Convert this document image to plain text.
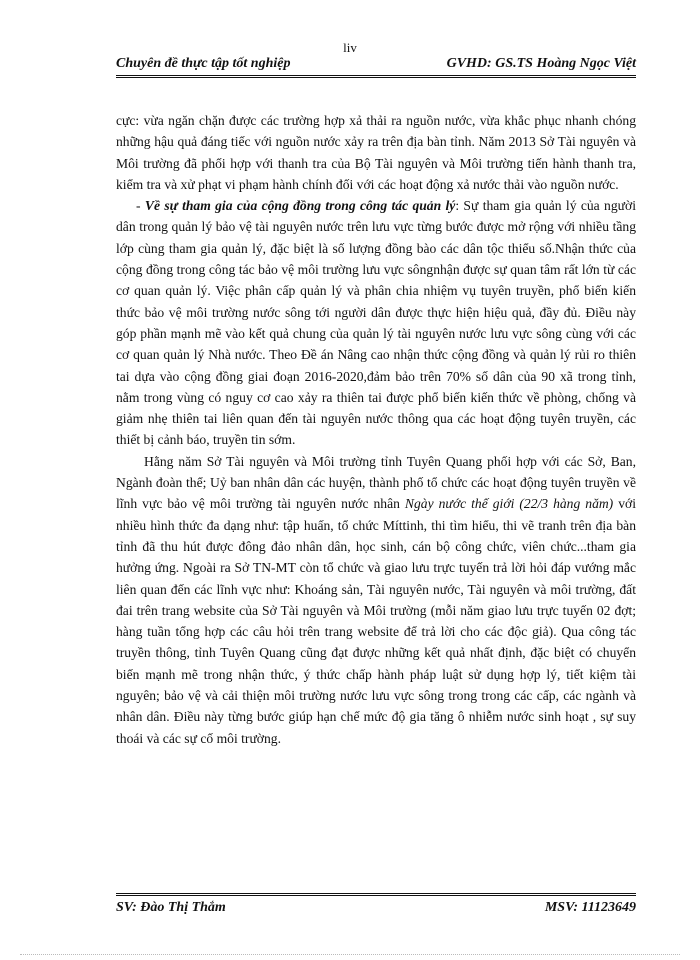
liv
Chuyên đề thực tập tốt nghiệp	GVHD: GS.TS Hoàng Ngọc Việt

cực: vừa ngăn chặn được các trường hợp xả thải ra nguồn nước, vừa khắc phục nhanh chóng những hậu quả đáng tiếc với nguồn nước xảy ra trên địa bàn tỉnh. Năm 2013 Sở Tài nguyên và Môi trường đã phối hợp với thanh tra của Bộ Tài nguyên và Môi trường tiến hành thanh tra, kiểm tra và xử phạt vi phạm hành chính đối với các hoạt động xả nước thải vào nguồn nước.

- Về sự tham gia của cộng đồng trong công tác quản lý: Sự tham gia quản lý của người dân trong quản lý bảo vệ tài nguyên nước trên lưu vực từng bước được mở rộng với nhiều tầng lớp cùng tham gia quản lý, đặc biệt là số lượng đồng bào các dân tộc thiểu số.Nhận thức của cộng đồng trong công tác bảo vệ môi trường lưu vực sôngnhận được sự quan tâm rất lớn từ các cơ quan quản lý. Việc phân cấp quản lý và phân chia nhiệm vụ tuyên truyền, phổ biến kiến thức bảo vệ môi trường nước sông tới người dân được thực hiện hiệu quả, đầy đủ. Điều này góp phần mạnh mẽ vào kết quả chung của quản lý tài nguyên nước lưu vực sông cùng với các cơ quan quản lý Nhà nước. Theo Đề án Nâng cao nhận thức cộng đồng và quản lý rủi ro thiên tai dựa vào cộng đồng giai đoạn 2016-2020,đảm bảo trên 70% số dân của 90 xã trong tỉnh, nằm trong vùng có nguy cơ cao xảy ra thiên tai được phổ biến kiến thức về phòng, chống và giảm nhẹ thiên tai liên quan đến tài nguyên nước thông qua các hoạt động tuyên truyền, các thiết bị cảnh báo, truyền tin sớm.

Hằng năm Sở Tài nguyên và Môi trường tỉnh Tuyên Quang phối hợp với các Sở, Ban, Ngành đoàn thể; Uỷ ban nhân dân các huyện, thành phố tổ chức các hoạt động tuyên truyền về lĩnh vực bảo vệ môi trường tài nguyên nước nhân Ngày nước thế giới (22/3 hàng năm) với nhiều hình thức đa dạng như: tập huấn, tổ chức Míttinh, thi tìm hiểu, thi vẽ tranh trên địa bàn tỉnh đã thu hút được đông đảo nhân dân, học sinh, cán bộ công chức, viên chức...tham gia hưởng ứng. Ngoài ra Sở TN-MT còn tổ chức và giao lưu trực tuyến trả lời hỏi đáp vướng mắc liên quan đến các lĩnh vực như: Khoáng sản, Tài nguyên nước, Tài nguyên và môi trường, đất đai trên trang website của Sở Tài nguyên và Môi trường (mỗi năm giao lưu trực tuyến 02 đợt; hàng tuần tổng hợp các câu hỏi trên trang website để trả lời cho các độc giả). Qua công tác truyền thông, tỉnh Tuyên Quang cũng đạt được những kết quả nhất định, đặc biệt có chuyển biến mạnh mẽ trong nhận thức, ý thức chấp hành pháp luật sử dụng hợp lý, tiết kiệm tài nguyên; bảo vệ và cải thiện môi trường nước lưu vực sông trong trong các cấp, các ngành và nhân dân. Điều này từng bước giúp hạn chế mức độ gia tăng ô nhiễm nước sinh hoạt , sự suy thoái và các sự cố môi trường.

SV: Đào Thị Thắm	MSV: 11123649
